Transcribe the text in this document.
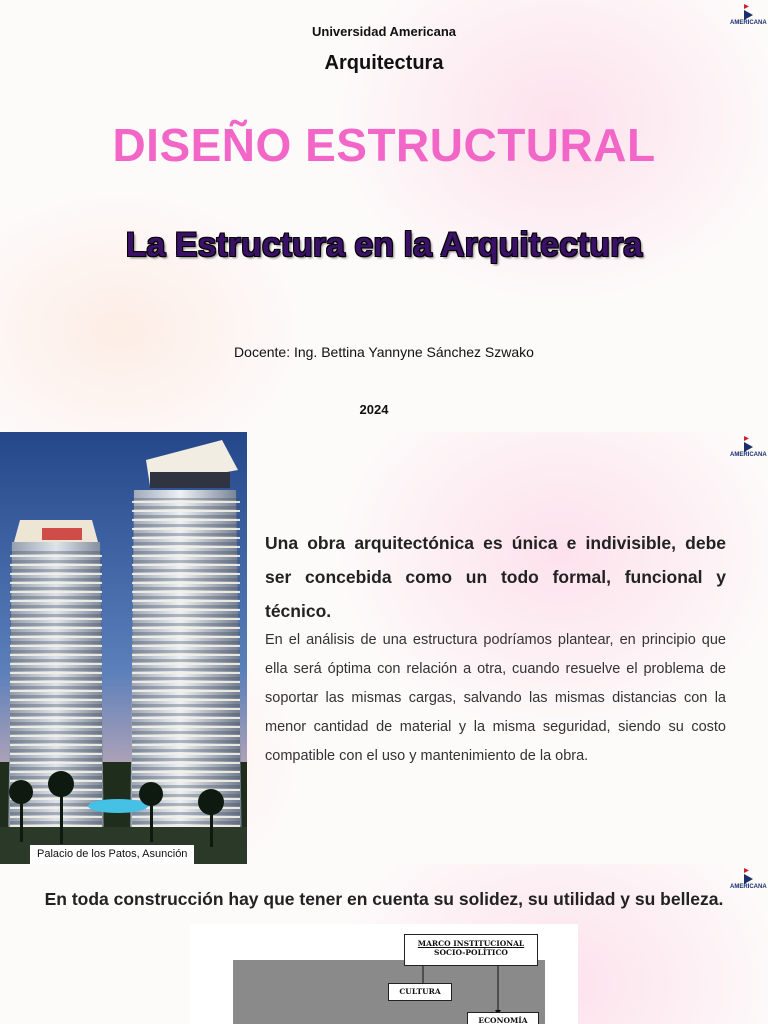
AMERICANA
Universidad Americana
Arquitectura
DISEÑO ESTRUCTURAL
La Estructura en la Arquitectura
Docente: Ing. Bettina Yannyne Sánchez Szwako
2024
AMERICANA
Palacio de los Patos, Asunción
Una obra arquitectónica es única e indivisible, debe ser concebida como un todo formal, funcional y técnico.
En el análisis de una estructura podríamos plantear, en principio que ella será óptima con relación a otra, cuando resuelve el problema de soportar las mismas cargas, salvando las mismas distancias con la menor cantidad de material y la misma seguridad, siendo su costo compatible con el uso y mantenimiento de la obra.
AMERICANA
En toda construcción hay que tener en cuenta su solidez, su utilidad y su belleza.
MARCO INSTITUCIONAL
SOCIO-POLÍTICO
CULTURA
ECONOMÍA
